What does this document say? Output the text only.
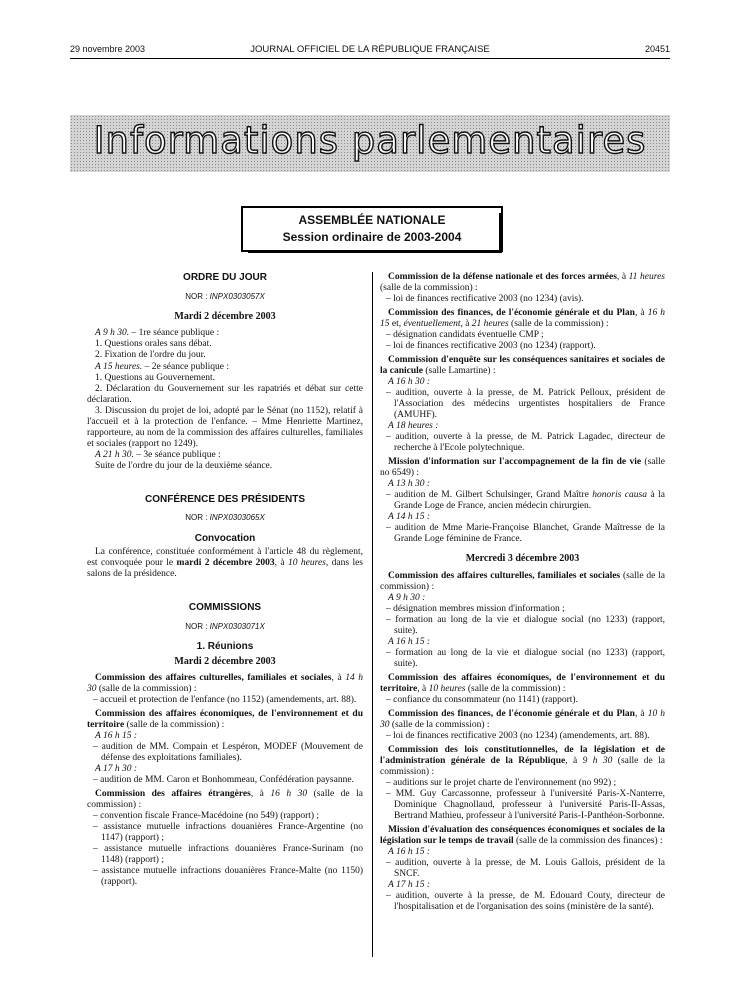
29 novembre 2003	JOURNAL OFFICIEL DE LA RÉPUBLIQUE FRANÇAISE	20451
Informations parlementaires
ASSEMBLÉE NATIONALE
Session ordinaire de 2003-2004
ORDRE DU JOUR
NOR : INPX0303057X
Mardi 2 décembre 2003

A 9 h 30. – 1re séance publique :

1. Questions orales sans débat.

2. Fixation de l'ordre du jour.

A 15 heures. – 2e séance publique :

1. Questions au Gouvernement.

2. Déclaration du Gouvernement sur les rapatriés et débat sur cette déclaration.

3. Discussion du projet de loi, adopté par le Sénat (no 1152), relatif à l'accueil et à la protection de l'enfance. – Mme Henriette Martinez, rapporteure, au nom de la commission des affaires culturelles, familiales et sociales (rapport no 1249).

A 21 h 30. – 3e séance publique :

Suite de l'ordre du jour de la deuxième séance.

CONFÉRENCE DES PRÉSIDENTS
NOR : INPX0303065X
Convocation

La conférence, constituée conformément à l'article 48 du règlement, est convoquée pour le mardi 2 décembre 2003, à 10 heures, dans les salons de la présidence.

COMMISSIONS
NOR : INPX0303071X
1. Réunions
Mardi 2 décembre 2003

Commission des affaires culturelles, familiales et sociales, à 14 h 30 (salle de la commission) :

– accueil et protection de l'enfance (no 1152) (amendements, art. 88).

Commission des affaires économiques, de l'environnement et du territoire (salle de la commission) :

A 16 h 15 :

– audition de MM. Compain et Lespéron, MODEF (Mouvement de défense des exploitations familiales).

A 17 h 30 :

– audition de MM. Caron et Bonhommeau, Confédération paysanne.

Commission des affaires étrangères, à 16 h 30 (salle de la commission) :

– convention fiscale France-Macédoine (no 549) (rapport) ;

– assistance mutuelle infractions douanières France-Argentine (no 1147) (rapport) ;

– assistance mutuelle infractions douanières France-Surinam (no 1148) (rapport) ;

– assistance mutuelle infractions douanières France-Malte (no 1150) (rapport).

Commission de la défense nationale et des forces armées, à 11 heures (salle de la commission) :

– loi de finances rectificative 2003 (no 1234) (avis).

Commission des finances, de l'économie générale et du Plan, à 16 h 15 et, éventuellement, à 21 heures (salle de la commission) :

– désignation candidats éventuelle CMP ;

– loi de finances rectificative 2003 (no 1234) (rapport).

Commission d'enquête sur les conséquences sanitaires et sociales de la canicule (salle Lamartine) :

A 16 h 30 :

– audition, ouverte à la presse, de M. Patrick Pelloux, président de l'Association des médecins urgentistes hospitaliers de France (AMUHF).

A 18 heures :

– audition, ouverte à la presse, de M. Patrick Lagadec, directeur de recherche à l'Ecole polytechnique.

Mission d'information sur l'accompagnement de la fin de vie (salle no 6549) :

A 13 h 30 :

– audition de M. Gilbert Schulsinger, Grand Maître honoris causa à la Grande Loge de France, ancien médecin chirurgien.

A 14 h 15 :

– audition de Mme Marie-Françoise Blanchet, Grande Maîtresse de la Grande Loge féminine de France.

Mercredi 3 décembre 2003

Commission des affaires culturelles, familiales et sociales (salle de la commission) :

A 9 h 30 :

– désignation membres mission d'information ;

– formation au long de la vie et dialogue social (no 1233) (rapport, suite).

A 16 h 15 :

– formation au long de la vie et dialogue social (no 1233) (rapport, suite).

Commission des affaires économiques, de l'environnement et du territoire, à 10 heures (salle de la commission) :

– confiance du consommateur (no 1141) (rapport).

Commission des finances, de l'économie générale et du Plan, à 10 h 30 (salle de la commission) :

– loi de finances rectificative 2003 (no 1234) (amendements, art. 88).

Commission des lois constitutionnelles, de la législation et de l'administration générale de la République, à 9 h 30 (salle de la commission) :

– auditions sur le projet charte de l'environnement (no 992) ;

– MM. Guy Carcassonne, professeur à l'université Paris-X-Nanterre, Dominique Chagnollaud, professeur à l'université Paris-II-Assas, Bertrand Mathieu, professeur à l'université Paris-I-Panthéon-Sorbonne.

Mission d'évaluation des conséquences économiques et sociales de la législation sur le temps de travail (salle de la commission des finances) :

A 16 h 15 :

– audition, ouverte à la presse, de M. Louis Gallois, président de la SNCF.

A 17 h 15 :

– audition, ouverte à la presse, de M. Edouard Couty, directeur de l'hospitalisation et de l'organisation des soins (ministère de la santé).
